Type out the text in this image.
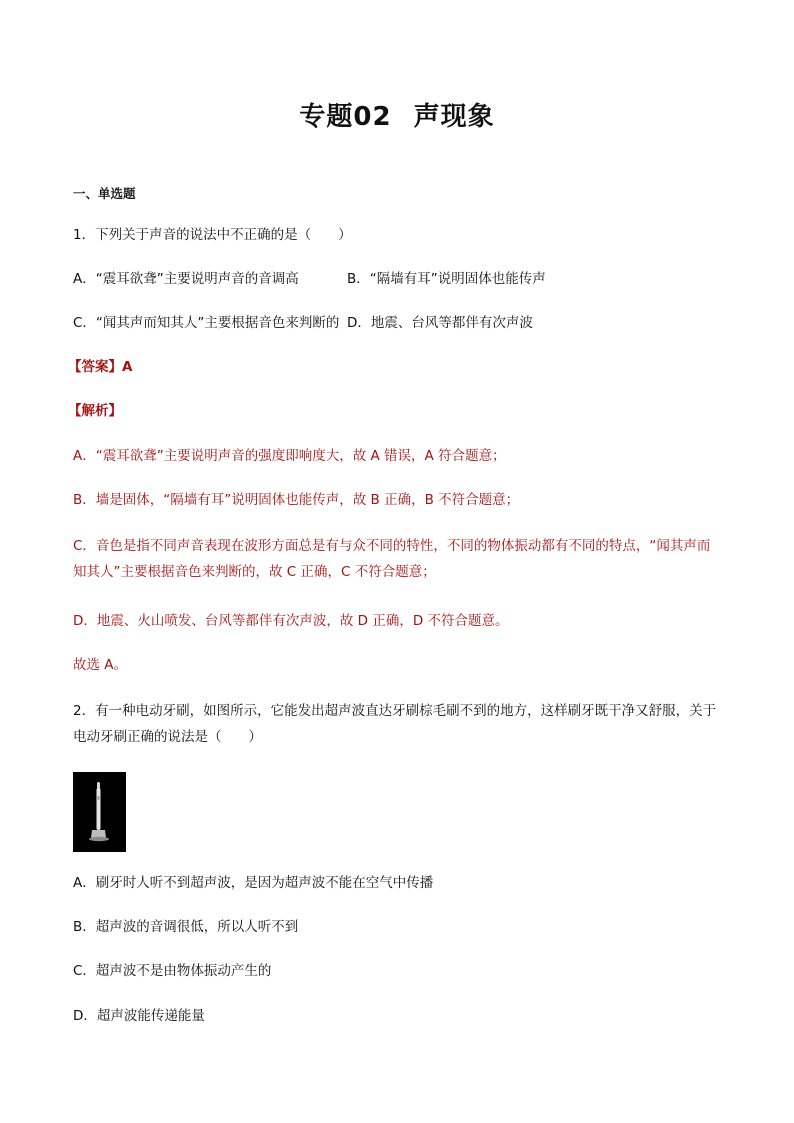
专题02 声现象
一、单选题
1．下列关于声音的说法中不正确的是（　　）
A．“震耳欲聋”主要说明声音的音调高	B．“隔墙有耳”说明固体也能传声
C．“闻其声而知其人”主要根据音色来判断的 D．地震、台风等都伴有次声波
【答案】A
【解析】
A．“震耳欲聋”主要说明声音的强度即响度大，故 A 错误，A 符合题意；
B．墙是固体，“隔墙有耳”说明固体也能传声，故 B 正确，B 不符合题意；
C．音色是指不同声音表现在波形方面总是有与众不同的特性，不同的物体振动都有不同的特点，“闻其声而知其人”主要根据音色来判断的，故 C 正确，C 不符合题意；
D．地震、火山喷发、台风等都伴有次声波，故 D 正确，D 不符合题意。
故选 A。
2．有一种电动牙刷，如图所示，它能发出超声波直达牙刷棕毛刷不到的地方，这样刷牙既干净又舒服，关于电动牙刷正确的说法是（　　）
A．刷牙时人听不到超声波，是因为超声波不能在空气中传播
B．超声波的音调很低，所以人听不到
C．超声波不是由物体振动产生的
D．超声波能传递能量
